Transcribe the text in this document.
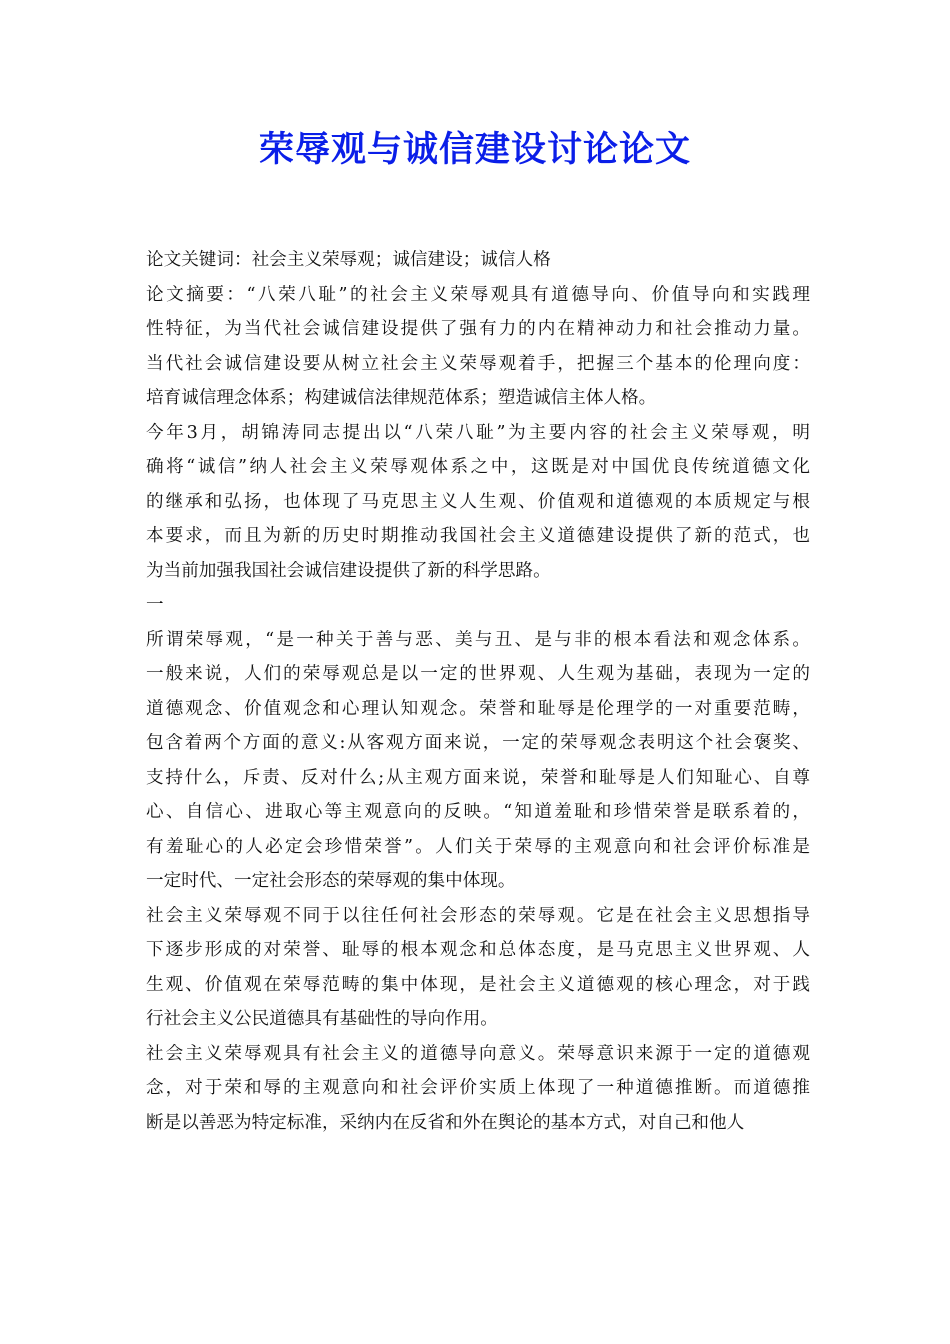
荣辱观与诚信建设讨论论文

论文关键词：社会主义荣辱观；诚信建设；诚信人格

论文摘要：“八荣八耻”的社会主义荣辱观具有道德导向、价值导向和实践理
性特征，为当代社会诚信建设提供了强有力的内在精神动力和社会推动力量。
当代社会诚信建设要从树立社会主义荣辱观着手，把握三个基本的伦理向度：
培育诚信理念体系；构建诚信法律规范体系；塑造诚信主体人格。

今年3月，胡锦涛同志提出以“八荣八耻”为主要内容的社会主义荣辱观，明
确将“诚信”纳人社会主义荣辱观体系之中，这既是对中国优良传统道德文化
的继承和弘扬，也体现了马克思主义人生观、价值观和道德观的本质规定与根
本要求，而且为新的历史时期推动我国社会主义道德建设提供了新的范式，也
为当前加强我国社会诚信建设提供了新的科学思路。

一

所谓荣辱观，“是一种关于善与恶、美与丑、是与非的根本看法和观念体系。
一般来说，人们的荣辱观总是以一定的世界观、人生观为基础，表现为一定的
道德观念、价值观念和心理认知观念。荣誉和耻辱是伦理学的一对重要范畴，
包含着两个方面的意义:从客观方面来说，一定的荣辱观念表明这个社会褒奖、
支持什么，斥责、反对什么;从主观方面来说，荣誉和耻辱是人们知耻心、自尊
心、自信心、进取心等主观意向的反映。“知道羞耻和珍惜荣誉是联系着的，
有羞耻心的人必定会珍惜荣誉”。人们关于荣辱的主观意向和社会评价标准是
一定时代、一定社会形态的荣辱观的集中体现。

社会主义荣辱观不同于以往任何社会形态的荣辱观。它是在社会主义思想指导
下逐步形成的对荣誉、耻辱的根本观念和总体态度，是马克思主义世界观、人
生观、价值观在荣辱范畴的集中体现，是社会主义道德观的核心理念，对于践
行社会主义公民道德具有基础性的导向作用。

社会主义荣辱观具有社会主义的道德导向意义。荣辱意识来源于一定的道德观
念，对于荣和辱的主观意向和社会评价实质上体现了一种道德推断。而道德推
断是以善恶为特定标准，采纳内在反省和外在舆论的基本方式，对自己和他人
